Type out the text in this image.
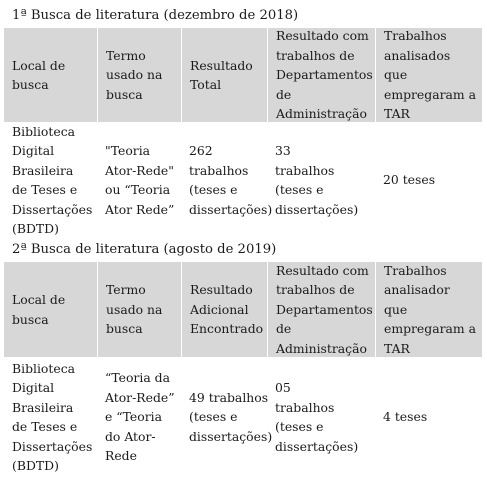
1ª Busca de literatura (dezembro de 2018)
Local de busca
Termo usado na busca
Resultado Total
Resultado com trabalhos de Departamentos de Administração
Trabalhos analisados que empregaram a TAR
Biblioteca Digital Brasileira de Teses e Dissertações (BDTD)
"Teoria Ator-Rede" ou “Teoria Ator Rede”
262 trabalhos (teses e dissertações)
33 trabalhos (teses e dissertações)
20 teses
2ª Busca de literatura (agosto de 2019)
Local de busca
Termo usado na busca
Resultado Adicional Encontrado
Resultado com trabalhos de Departamentos de Administração
Trabalhos analisador que empregaram a TAR
Biblioteca Digital Brasileira de Teses e Dissertações (BDTD)
“Teoria da Ator-Rede” e “Teoria do Ator-Rede
49 trabalhos (teses e dissertações)
05 trabalhos (teses e dissertações)
4 teses
